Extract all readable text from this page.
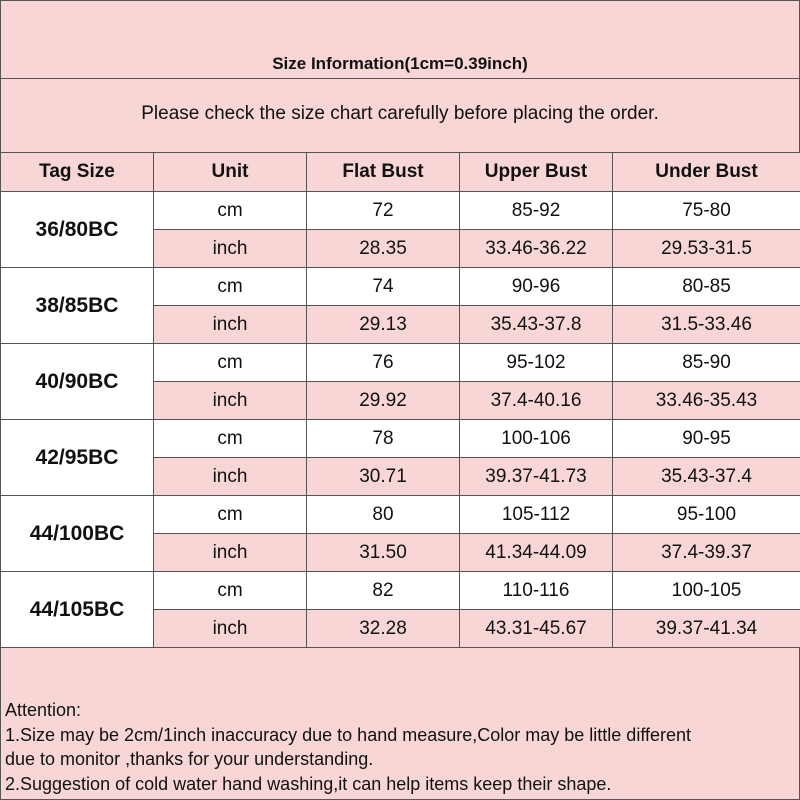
Size Information(1cm=0.39inch)
Please check the size chart carefully before placing the order.
Tag Size	Unit	Flat Bust	Upper Bust	Under Bust
36/80BC	cm	72	85-92	75-80
	inch	28.35	33.46-36.22	29.53-31.5
38/85BC	cm	74	90-96	80-85
	inch	29.13	35.43-37.8	31.5-33.46
40/90BC	cm	76	95-102	85-90
	inch	29.92	37.4-40.16	33.46-35.43
42/95BC	cm	78	100-106	90-95
	inch	30.71	39.37-41.73	35.43-37.4
44/100BC	cm	80	105-112	95-100
	inch	31.50	41.34-44.09	37.4-39.37
44/105BC	cm	82	110-116	100-105
	inch	32.28	43.31-45.67	39.37-41.34
Attention:
1.Size may be 2cm/1inch inaccuracy due to hand measure,Color may be little different
due to monitor ,thanks for your understanding.
2.Suggestion of cold water hand washing,it can help items keep their shape.
